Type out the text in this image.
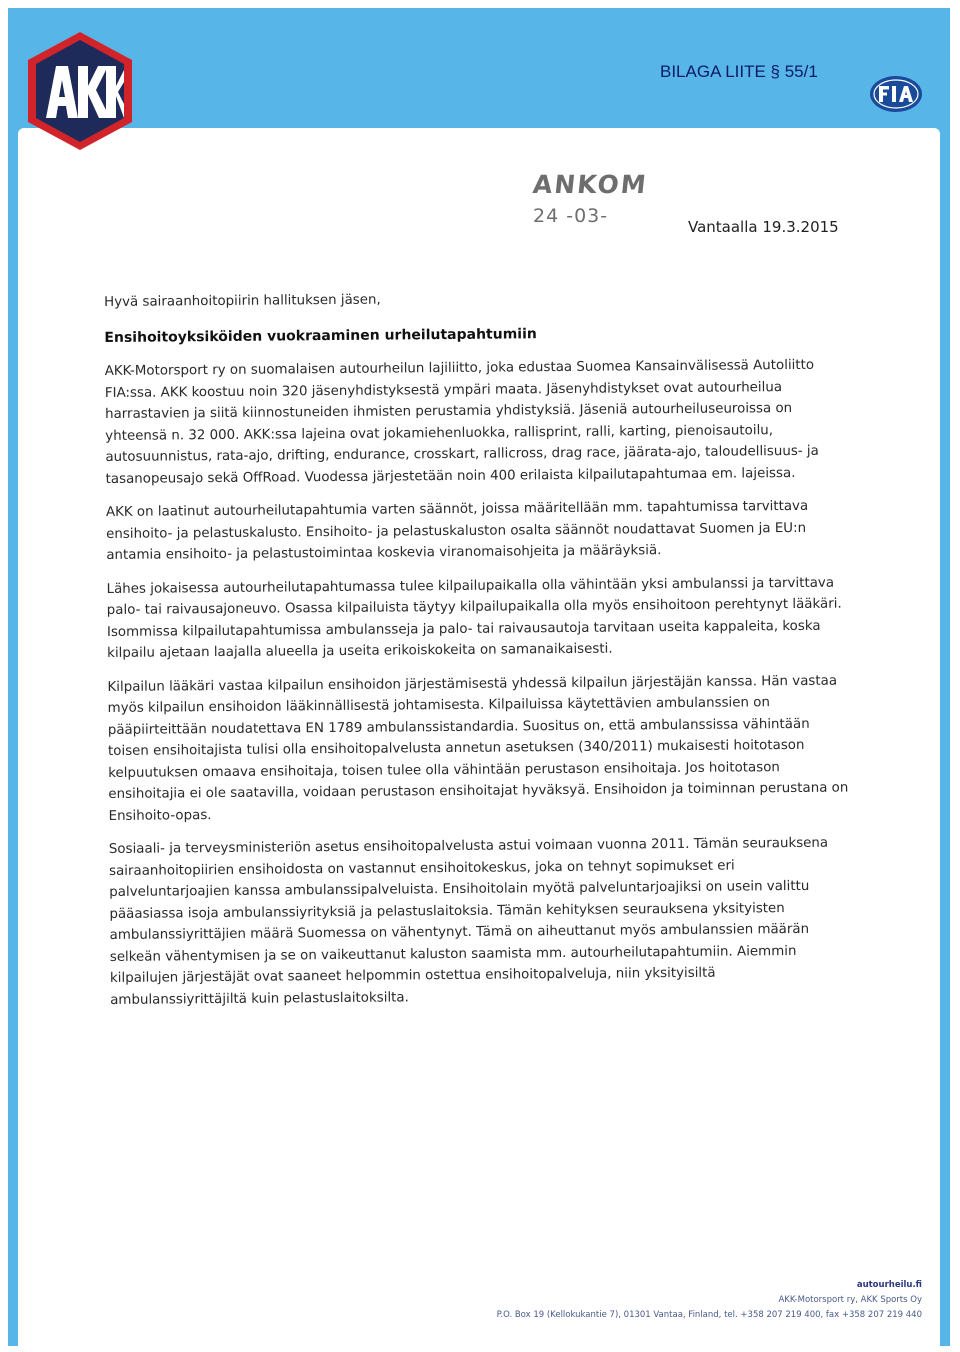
BILAGA LIITE § 55/1
ANKOM
24 -03-	Vantaalla 19.3.2015

Hyvä sairaanhoitopiirin hallituksen jäsen,

Ensihoitoyksiköiden vuokraaminen urheilutapahtumiin

AKK-Motorsport ry on suomalaisen autourheilun lajiliitto, joka edustaa Suomea Kansainvälisessä Autoliitto FIA:ssa. AKK koostuu noin 320 jäsenyhdistyksestä ympäri maata. Jäsenyhdistykset ovat autourheilua harrastavien ja siitä kiinnostuneiden ihmisten perustamia yhdistyksiä. Jäseniä autourheiluseuroissa on yhteensä n. 32 000. AKK:ssa lajeina ovat jokamiehenluokka, rallisprint, ralli, karting, pienoisautoilu, autosuunnistus, rata-ajo, drifting, endurance, crosskart, rallicross, drag race, jäärata-ajo, taloudellisuus- ja tasanopeusajo sekä OffRoad. Vuodessa järjestetään noin 400 erilaista kilpailutapahtumaa em. lajeissa.

AKK on laatinut autourheilutapahtumia varten säännöt, joissa määritellään mm. tapahtumissa tarvittava ensihoito- ja pelastuskalusto. Ensihoito- ja pelastuskaluston osalta säännöt noudattavat Suomen ja EU:n antamia ensihoito- ja pelastustoimintaa koskevia viranomaisohjeita ja määräyksiä.

Lähes jokaisessa autourheilutapahtumassa tulee kilpailupaikalla olla vähintään yksi ambulanssi ja tarvittava palo- tai raivausajoneuvo. Osassa kilpailuista täytyy kilpailupaikalla olla myös ensihoitoon perehtynyt lääkäri. Isommissa kilpailutapahtumissa ambulansseja ja palo- tai raivausautoja tarvitaan useita kappaleita, koska kilpailu ajetaan laajalla alueella ja useita erikoiskokeita on samanaikaisesti.

Kilpailun lääkäri vastaa kilpailun ensihoidon järjestämisestä yhdessä kilpailun järjestäjän kanssa. Hän vastaa myös kilpailun ensihoidon lääkinnällisestä johtamisesta. Kilpailuissa käytettävien ambulanssien on pääpiirteittään noudatettava EN 1789 ambulanssistandardia. Suositus on, että ambulanssissa vähintään toisen ensihoitajista tulisi olla ensihoitopalvelusta annetun asetuksen (340/2011) mukaisesti hoitotason kelpuutuksen omaava ensihoitaja, toisen tulee olla vähintään perustason ensihoitaja. Jos hoitotason ensihoitajia ei ole saatavilla, voidaan perustason ensihoitajat hyväksyä. Ensihoidon ja toiminnan perustana on Ensihoito-opas.

Sosiaali- ja terveysministeriön asetus ensihoitopalvelusta astui voimaan vuonna 2011. Tämän seurauksena sairaanhoitopiirien ensihoidosta on vastannut ensihoitokeskus, joka on tehnyt sopimukset eri palveluntarjoajien kanssa ambulanssipalveluista. Ensihoitolain myötä palveluntarjoajiksi on usein valittu pääasiassa isoja ambulanssiyrityksiä ja pelastuslaitoksia. Tämän kehityksen seurauksena yksityisten ambulanssiyrittäjien määrä Suomessa on vähentynyt. Tämä on aiheuttanut myös ambulanssien määrän selkeän vähentymisen ja se on vaikeuttanut kaluston saamista mm. autourheilutapahtumiin. Aiemmin kilpailujen järjestäjät ovat saaneet helpommin ostettua ensihoitopalveluja, niin yksityisiltä ambulanssiyrittäjiltä kuin pelastuslaitoksilta.

autourheilu.fi
AKK-Motorsport ry, AKK Sports Oy
P.O. Box 19 (Kellokukantie 7), 01301 Vantaa, Finland, tel. +358 207 219 400, fax +358 207 219 440
